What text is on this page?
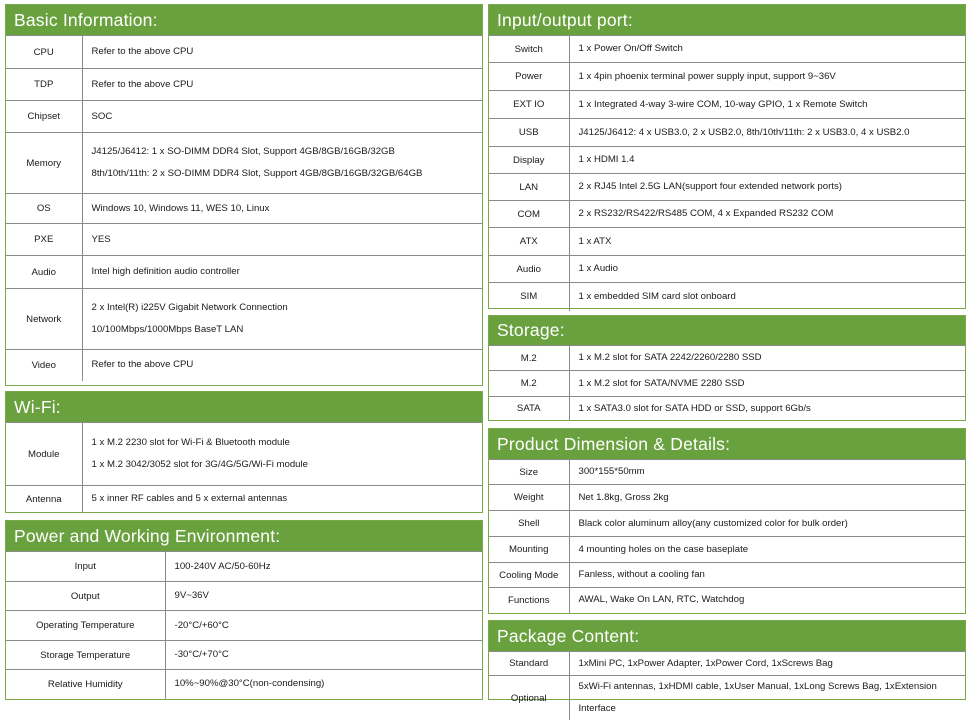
Basic Information:
CPU	Refer to the above CPU

TDP	Refer to the above CPU

Chipset	SOC

Memory	J4125/J6412: 1 x SO-DIMM DDR4 Slot, Support 4GB/8GB/16GB/32GB
8th/10th/11th: 2 x SO-DIMM DDR4 Slot, Support 4GB/8GB/16GB/32GB/64GB

OS	Windows 10, Windows 11, WES 10, Linux

PXE	YES

Audio	Intel high definition audio controller

Network	2 x Intel(R) i225V Gigabit Network Connection
10/100Mbps/1000Mbps BaseT LAN

Video	Refer to the above CPU
Wi-Fi:
Module	1 x M.2 2230 slot for Wi-Fi & Bluetooth module
1 x M.2 3042/3052 slot for 3G/4G/5G/Wi-Fi module

Antenna	5 x inner RF cables and 5 x external antennas
Power and Working Environment:
Input	100-240V AC/50-60Hz

Output	9V~36V

Operating Temperature	-20°C/+60°C

Storage Temperature	-30°C/+70°C

Relative Humidity	10%~90%@30°C(non-condensing)
Input/output port:
Switch	1 x Power On/Off Switch

Power	1 x 4pin phoenix terminal power supply input, support 9~36V

EXT IO	1 x Integrated 4-way 3-wire COM, 10-way GPIO, 1 x Remote Switch

USB	J4125/J6412: 4 x USB3.0, 2 x USB2.0, 8th/10th/11th: 2 x USB3.0, 4 x USB2.0

Display	1 x HDMI 1.4

LAN	2 x RJ45 Intel 2.5G LAN(support four extended network ports)

COM	2 x RS232/RS422/RS485 COM, 4 x Expanded RS232 COM

ATX	1 x ATX

Audio	1 x Audio

SIM	1 x embedded SIM card slot onboard
Storage:
M.2	1 x M.2 slot for SATA 2242/2260/2280 SSD

M.2	1 x M.2 slot for SATA/NVME 2280 SSD

SATA	1 x SATA3.0 slot for SATA HDD or SSD, support 6Gb/s
Product Dimension & Details:
Size	300*155*50mm

Weight	Net 1.8kg, Gross 2kg

Shell	Black color aluminum alloy(any customized color for bulk order)

Mounting	4 mounting holes on the case baseplate

Cooling Mode	Fanless, without a cooling fan

Functions	AWAL, Wake On LAN, RTC, Watchdog
Package Content:
Standard	1xMini PC, 1xPower Adapter, 1xPower Cord, 1xScrews Bag

Optional	5xWi-Fi antennas, 1xHDMI cable, 1xUser Manual, 1xLong Screws Bag, 1xExtension Interface
